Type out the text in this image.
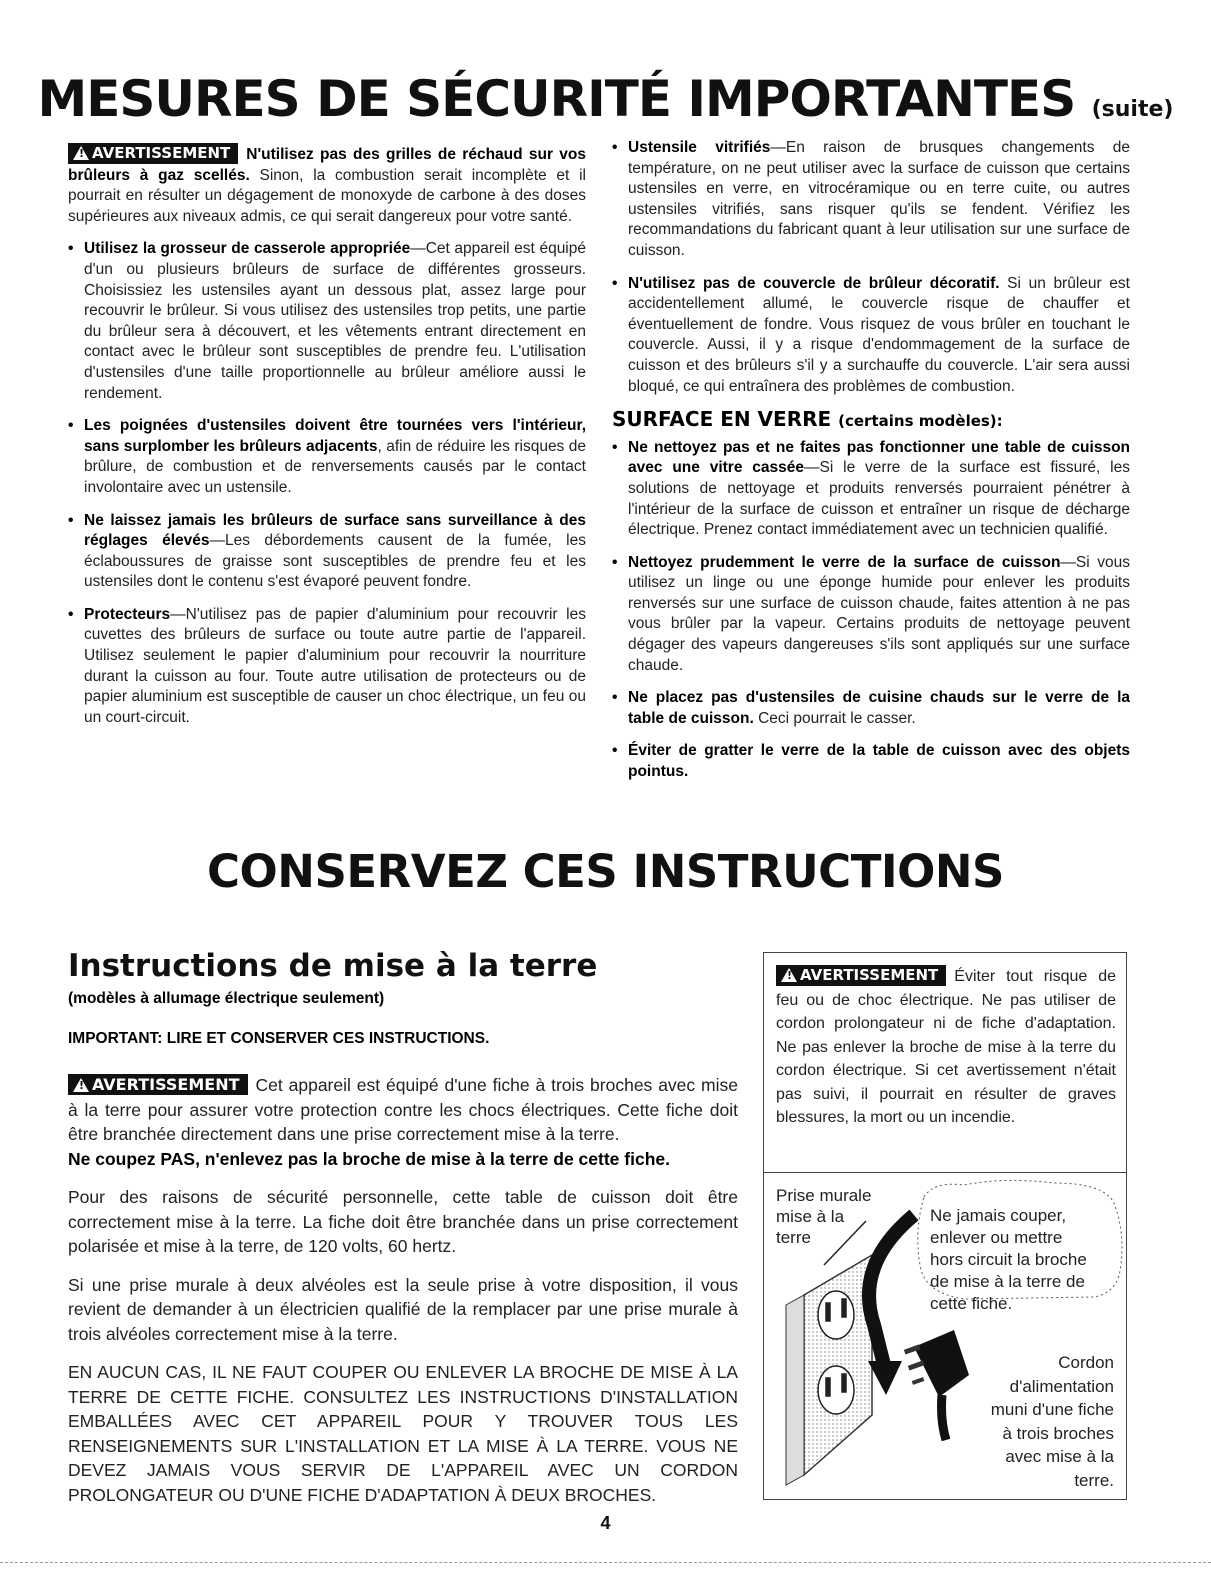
MESURES DE SÉCURITÉ IMPORTANTES (suite)

! AVERTISSEMENT N'utilisez pas des grilles de réchaud sur vos brûleurs à gaz scellés. Sinon, la combustion serait incomplète et il pourrait en résulter un dégagement de monoxyde de carbone à des doses supérieures aux niveaux admis, ce qui serait dangereux pour votre santé.

• Utilisez la grosseur de casserole appropriée—Cet appareil est équipé d'un ou plusieurs brûleurs de surface de différentes grosseurs. Choisissiez les ustensiles ayant un dessous plat, assez large pour recouvrir le brûleur. Si vous utilisez des ustensiles trop petits, une partie du brûleur sera à découvert, et les vêtements entrant directement en contact avec le brûleur sont susceptibles de prendre feu. L'utilisation d'ustensiles d'une taille proportionnelle au brûleur améliore aussi le rendement.

• Les poignées d'ustensiles doivent être tournées vers l'intérieur, sans surplomber les brûleurs adjacents, afin de réduire les risques de brûlure, de combustion et de renversements causés par le contact involontaire avec un ustensile.

• Ne laissez jamais les brûleurs de surface sans surveillance à des réglages élevés—Les débordements causent de la fumée, les éclaboussures de graisse sont susceptibles de prendre feu et les ustensiles dont le contenu s'est évaporé peuvent fondre.

• Protecteurs—N'utilisez pas de papier d'aluminium pour recouvrir les cuvettes des brûleurs de surface ou toute autre partie de l'appareil. Utilisez seulement le papier d'aluminium pour recouvrir la nourriture durant la cuisson au four. Toute autre utilisation de protecteurs ou de papier aluminium est susceptible de causer un choc électrique, un feu ou un court-circuit.

• Ustensile vitrifiés—En raison de brusques changements de température, on ne peut utiliser avec la surface de cuisson que certains ustensiles en verre, en vitrocéramique ou en terre cuite, ou autres ustensiles vitrifiés, sans risquer qu'ils se fendent. Vérifiez les recommandations du fabricant quant à leur utilisation sur une surface de cuisson.

• N'utilisez pas de couvercle de brûleur décoratif. Si un brûleur est accidentellement allumé, le couvercle risque de chauffer et éventuellement de fondre. Vous risquez de vous brûler en touchant le couvercle. Aussi, il y a risque d'endommagement de la surface de cuisson et des brûleurs s'il y a surchauffe du couvercle. L'air sera aussi bloqué, ce qui entraînera des problèmes de combustion.

SURFACE EN VERRE (certains modèles):

• Ne nettoyez pas et ne faites pas fonctionner une table de cuisson avec une vitre cassée—Si le verre de la surface est fissuré, les solutions de nettoyage et produits renversés pourraient pénétrer à l'intérieur de la surface de cuisson et entraîner un risque de décharge électrique. Prenez contact immédiatement avec un technicien qualifié.

• Nettoyez prudemment le verre de la surface de cuisson—Si vous utilisez un linge ou une éponge humide pour enlever les produits renversés sur une surface de cuisson chaude, faites attention à ne pas vous brûler par la vapeur. Certains produits de nettoyage peuvent dégager des vapeurs dangereuses s'ils sont appliqués sur une surface chaude.

• Ne placez pas d'ustensiles de cuisine chauds sur le verre de la table de cuisson. Ceci pourrait le casser.

• Éviter de gratter le verre de la table de cuisson avec des objets pointus.

CONSERVEZ CES INSTRUCTIONS
Instructions de mise à la terre
(modèles à allumage électrique seulement)
IMPORTANT: LIRE ET CONSERVER CES INSTRUCTIONS.

! AVERTISSEMENT Cet appareil est équipé d'une fiche à trois broches avec mise à la terre pour assurer votre protection contre les chocs électriques. Cette fiche doit être branchée directement dans une prise correctement mise à la terre.
Ne coupez PAS, n'enlevez pas la broche de mise à la terre de cette fiche.

Pour des raisons de sécurité personnelle, cette table de cuisson doit être correctement mise à la terre. La fiche doit être branchée dans un prise correctement polarisée et mise à la terre, de 120 volts, 60 hertz.

Si une prise murale à deux alvéoles est la seule prise à votre disposition, il vous revient de demander à un électricien qualifié de la remplacer par une prise murale à trois alvéoles correctement mise à la terre.

EN AUCUN CAS, IL NE FAUT COUPER OU ENLEVER LA BROCHE DE MISE À LA TERRE DE CETTE FICHE. CONSULTEZ LES INSTRUCTIONS D'INSTALLATION EMBALLÉES AVEC CET APPAREIL POUR Y TROUVER TOUS LES RENSEIGNEMENTS SUR L'INSTALLATION ET LA MISE À LA TERRE. VOUS NE DEVEZ JAMAIS VOUS SERVIR DE L'APPAREIL AVEC UN CORDON PROLONGATEUR OU D'UNE FICHE D'ADAPTATION À DEUX BROCHES.

! AVERTISSEMENT Éviter tout risque de feu ou de choc électrique. Ne pas utiliser de cordon prolongateur ni de fiche d'adaptation. Ne pas enlever la broche de mise à la terre du cordon électrique. Si cet avertissement n'était pas suivi, il pourrait en résulter de graves blessures, la mort ou un incendie.
Prise murale
mise à la
terre
Ne jamais couper,
enlever ou mettre
hors circuit la broche
de mise à la terre de
cette fiche.
Cordon
d'alimentation
muni d'une fiche
à trois broches
avec mise à la
terre.
4
